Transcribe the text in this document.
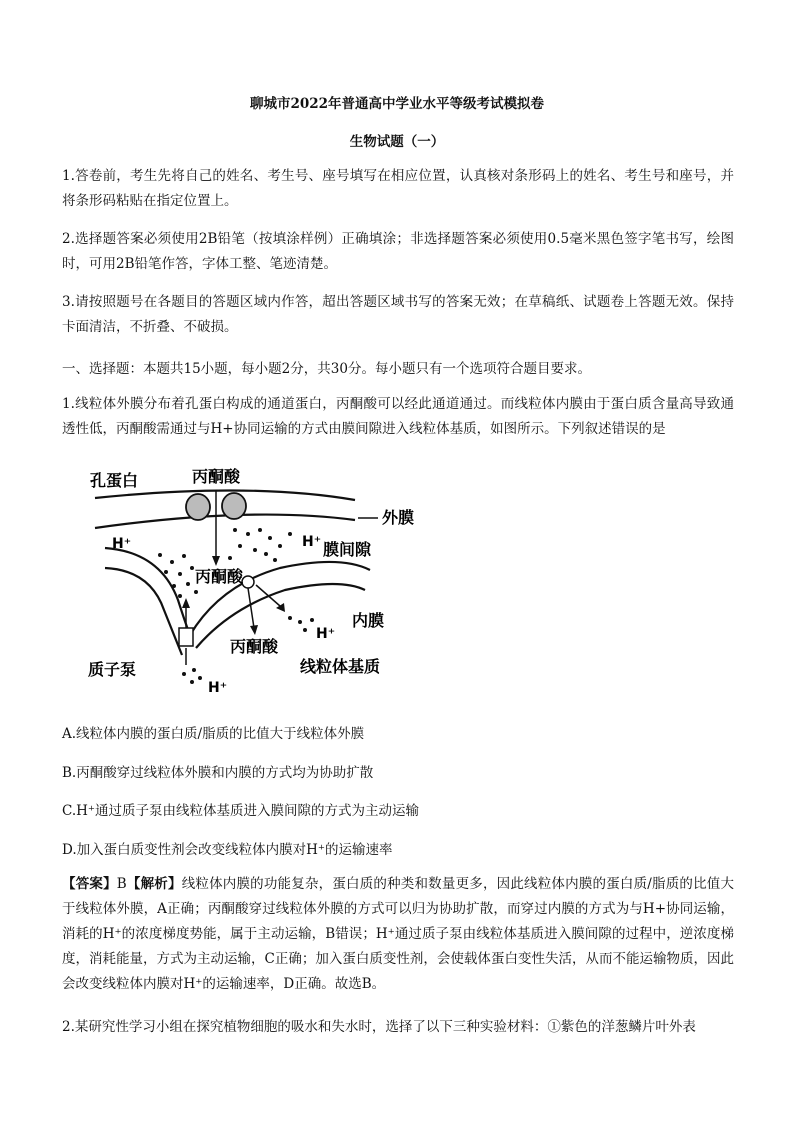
聊城市2022年普通高中学业水平等级考试模拟卷
生物试题（一）
1.答卷前，考生先将自己的姓名、考生号、座号填写在相应位置，认真核对条形码上的姓名、考生号和座号，并将条形码粘贴在指定位置上。
2.选择题答案必须使用2B铅笔（按填涂样例）正确填涂；非选择题答案必须使用0.5毫米黑色签字笔书写，绘图时，可用2B铅笔作答，字体工整、笔迹清楚。
3.请按照题号在各题目的答题区域内作答，超出答题区域书写的答案无效；在草稿纸、试题卷上答题无效。保持卡面清洁，不折叠、不破损。
一、选择题：本题共15小题，每小题2分，共30分。每小题只有一个选项符合题目要求。
1.线粒体外膜分布着孔蛋白构成的通道蛋白，丙酮酸可以经此通道通过。而线粒体内膜由于蛋白质含量高导致通透性低，丙酮酸需通过与H+协同运输的方式由膜间隙进入线粒体基质，如图所示。下列叙述错误的是
孔蛋白	丙酮酸
外膜
H⁺	H⁺ 膜间隙
丙酮酸
H⁺
内膜
丙酮酸
质子泵	线粒体基质
H⁺
A.线粒体内膜的蛋白质/脂质的比值大于线粒体外膜
B.丙酮酸穿过线粒体外膜和内膜的方式均为协助扩散
C.H⁺通过质子泵由线粒体基质进入膜间隙的方式为主动运输
D.加入蛋白质变性剂会改变线粒体内膜对H⁺的运输速率
【答案】B【解析】线粒体内膜的功能复杂，蛋白质的种类和数量更多，因此线粒体内膜的蛋白质/脂质的比值大于线粒体外膜，A正确；丙酮酸穿过线粒体外膜的方式可以归为协助扩散，而穿过内膜的方式为与H+协同运输，消耗的H⁺的浓度梯度势能，属于主动运输，B错误；H⁺通过质子泵由线粒体基质进入膜间隙的过程中，逆浓度梯度，消耗能量，方式为主动运输，C正确；加入蛋白质变性剂，会使载体蛋白变性失活，从而不能运输物质，因此会改变线粒体内膜对H⁺的运输速率，D正确。故选B。
2.某研究性学习小组在探究植物细胞的吸水和失水时，选择了以下三种实验材料：①紫色的洋葱鳞片叶外表
